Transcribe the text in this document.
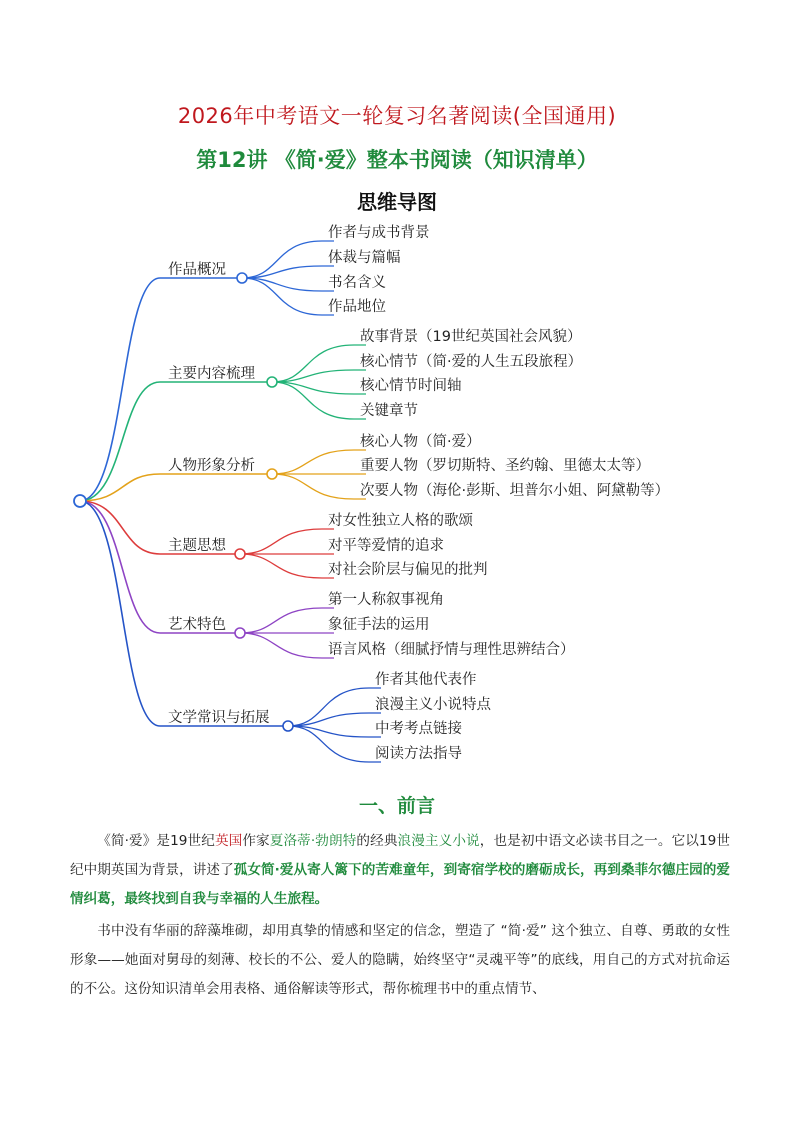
2026年中考语文一轮复习名著阅读(全国通用)
第12讲 《简·爱》整本书阅读（知识清单）
思维导图
作品概况
作者与成书背景
体裁与篇幅
书名含义
作品地位
主要内容梳理
故事背景（19世纪英国社会风貌）
核心情节（简·爱的人生五段旅程）
核心情节时间轴
关键章节
人物形象分析
核心人物（简·爱）
重要人物（罗切斯特、圣约翰、里德太太等）
次要人物（海伦·彭斯、坦普尔小姐、阿黛勒等）
主题思想
对女性独立人格的歌颂
对平等爱情的追求
对社会阶层与偏见的批判
艺术特色
第一人称叙事视角
象征手法的运用
语言风格（细腻抒情与理性思辨结合）
文学常识与拓展
作者其他代表作
浪漫主义小说特点
中考考点链接
阅读方法指导
一、前言

《简·爱》是19世纪英国作家夏洛蒂·勃朗特的经典浪漫主义小说，也是初中语文必读书目之一。它以19世纪中期英国为背景，讲述了孤女简·爱从寄人篱下的苦难童年，到寄宿学校的磨砺成长，再到桑菲尔德庄园的爱情纠葛，最终找到自我与幸福的人生旅程。

书中没有华丽的辞藻堆砌，却用真挚的情感和坚定的信念，塑造了 “简·爱” 这个独立、自尊、勇敢的女性形象——她面对舅母的刻薄、校长的不公、爱人的隐瞒，始终坚守“灵魂平等”的底线，用自己的方式对抗命运的不公。这份知识清单会用表格、通俗解读等形式，帮你梳理书中的重点情节、
